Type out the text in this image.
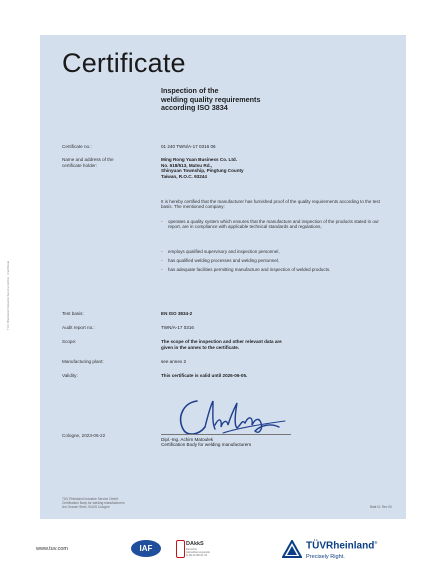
TÜV Rheinland Industrie Service GmbH · Certificate
Certificate
Inspection of the
welding quality requirements
according ISO 3834
Certificate no.:	01 240 TWN/A-17 0316 06
Name and address of the
certificate holder:
Ming Rong Yuan Business Co. Ltd.
No. 618/513, Matsu Rd.,
Shinyuan Township, Pingtung County
Taiwan, R.O.C. 93244
It is hereby certified that the manufacturer has furnished proof of the quality requirements according to the test basis. The mentioned company:
- operates a quality system which ensures that the manufacture and inspection of the products stated in our report, are in compliance with applicable technical standards and regulations,
- employs qualified supervisory and inspection personnel,
- has qualified welding processes and welding personnel,
- has adequate facilities permitting manufacture and inspection of welded products.
Test basis:	EN ISO 3834-2
Audit report no.:	TWN/A-17 0316
Scope:	The scope of the inspection and other relevant data are
given in the annex to the certificate.
Manufacturing plant:	see annex 2
Validity:	This certificate is valid until 2026-06-05.
Cologne, 2023-06-22
Dipl.-Ing. Achim Matoulek
Certification Body for welding manufacturers
TÜV Rheinland Industrie Service GmbH
Certification Body for welding manufacturers
Am Grauen Stein, 51105 Cologne	Blatt 01 Rev 00
www.tuv.com	IAF	DAkkS
Deutsche
Akkreditierungsstelle
D-ZE-11168-01-00
TÜVRheinland®
Precisely Right.
